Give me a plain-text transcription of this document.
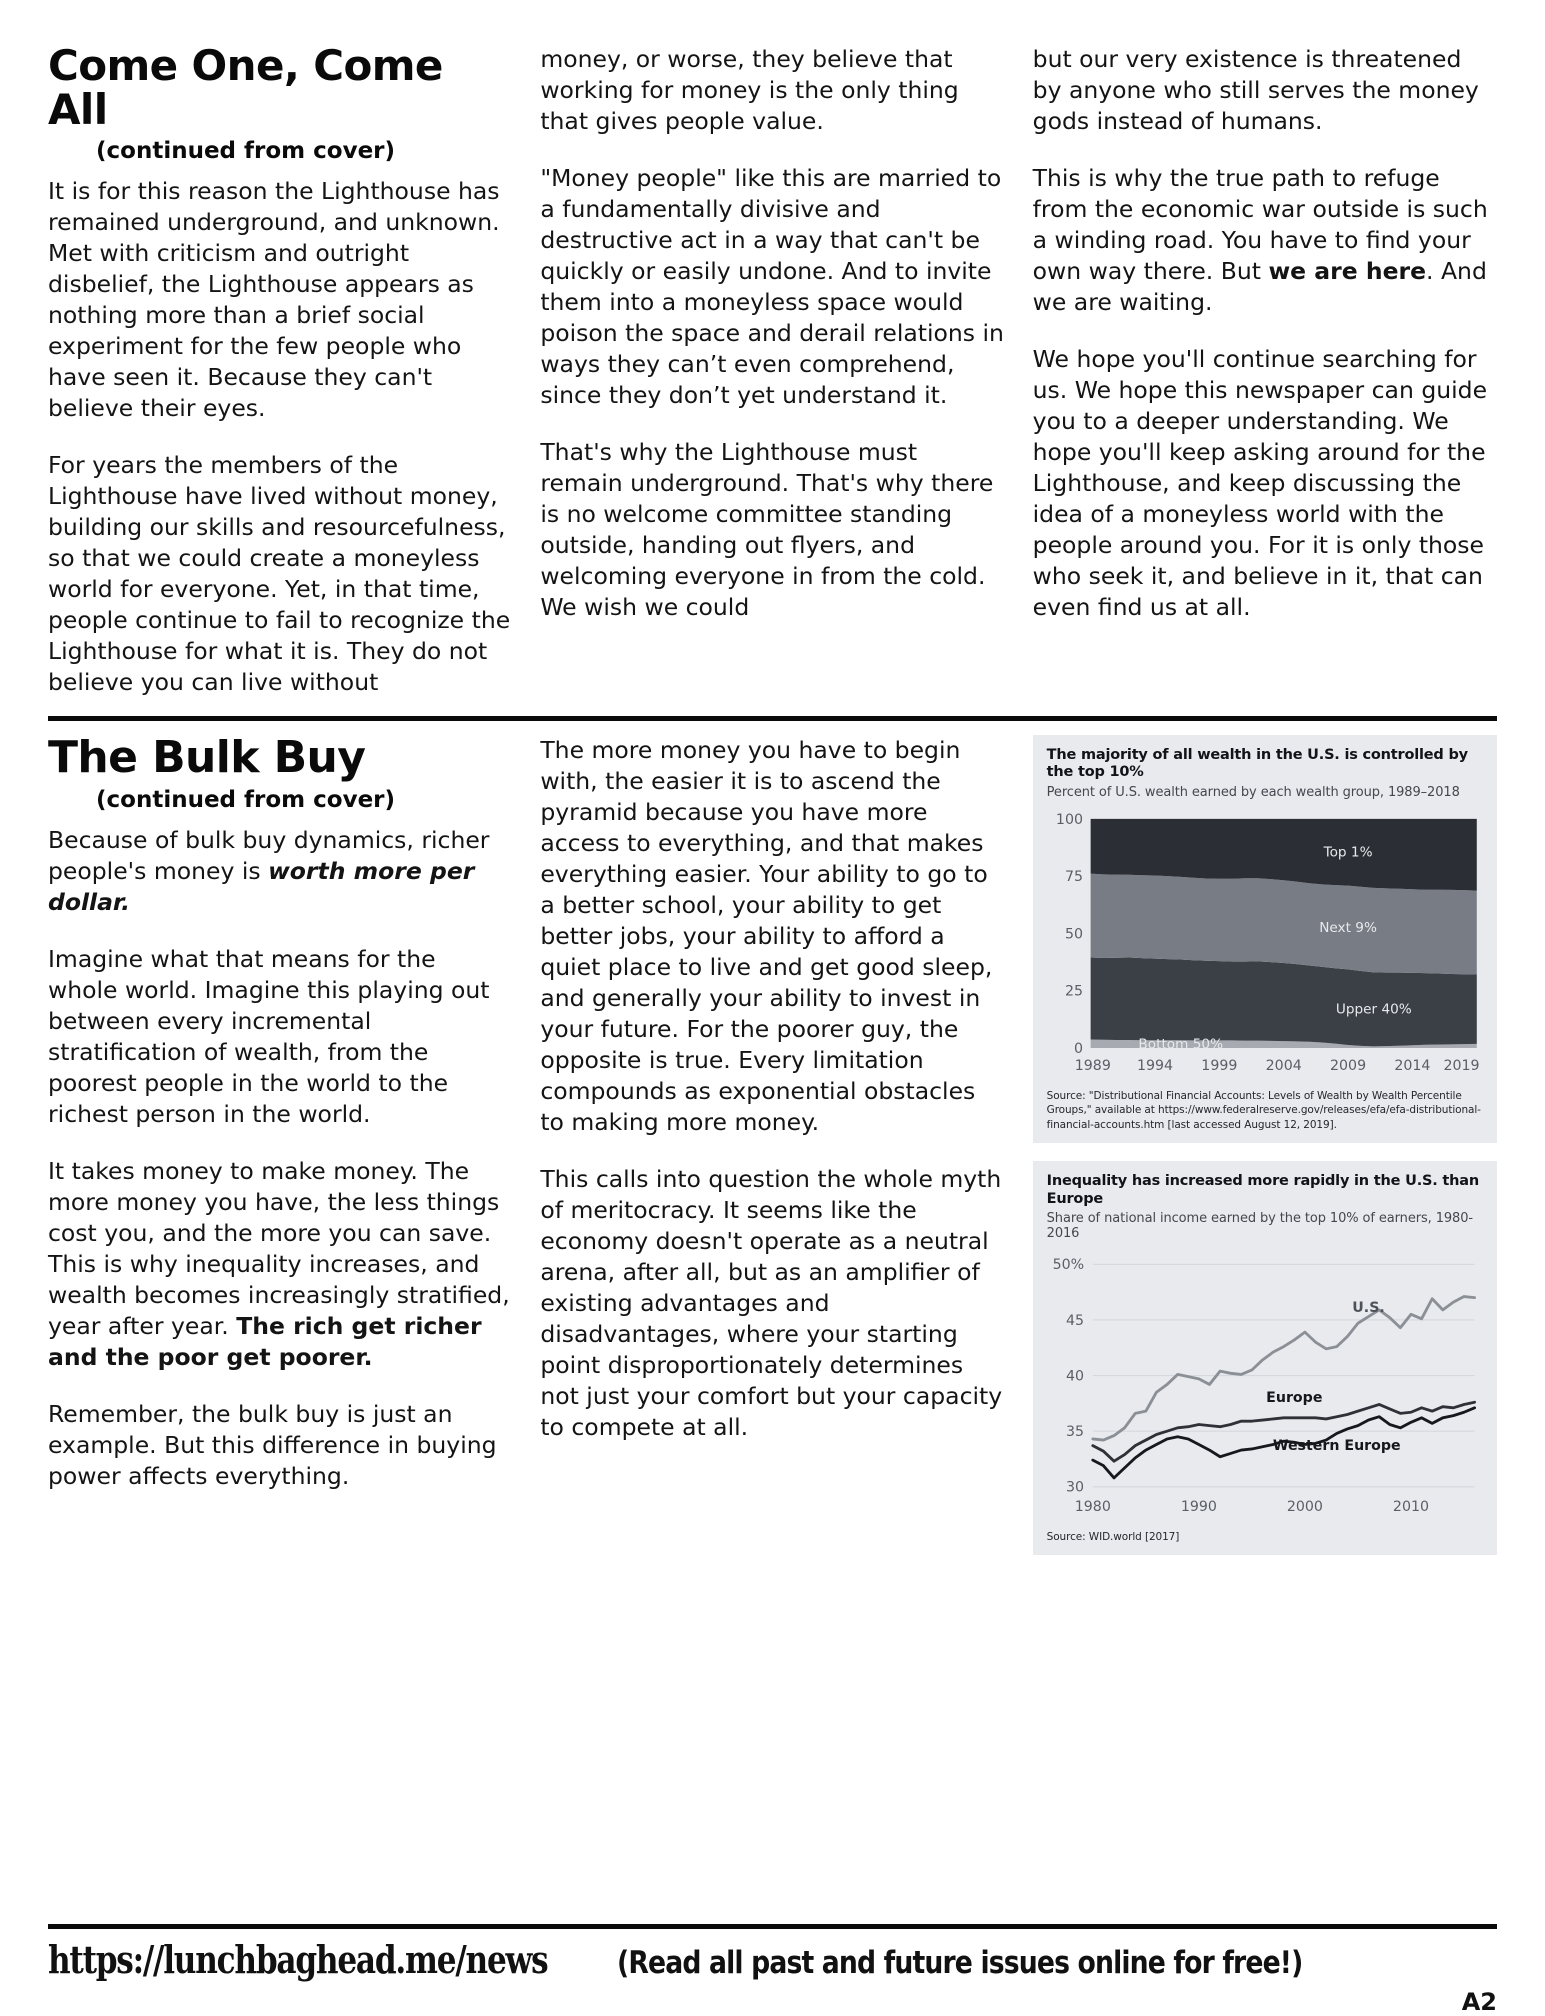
Come One, Come All
(continued from cover)

It is for this reason the Lighthouse has remained underground, and unknown. Met with criticism and outright disbelief, the Lighthouse appears as nothing more than a brief social experiment for the few people who have seen it. Because they can't believe their eyes.

For years the members of the Lighthouse have lived without money, building our skills and resourcefulness, so that we could create a moneyless world for everyone. Yet, in that time, people continue to fail to recognize the Lighthouse for what it is. They do not believe you can live without

money, or worse, they believe that working for money is the only thing that gives people value.

"Money people" like this are married to a fundamentally divisive and destructive act in a way that can't be quickly or easily undone. And to invite them into a moneyless space would poison the space and derail relations in ways they can’t even comprehend, since they don’t yet understand it.

That's why the Lighthouse must remain underground. That's why there is no welcome committee standing outside, handing out flyers, and welcoming everyone in from the cold. We wish we could

but our very existence is threatened by anyone who still serves the money gods instead of humans.

This is why the true path to refuge from the economic war outside is such a winding road. You have to find your own way there. But we are here. And we are waiting.

We hope you'll continue searching for us. We hope this newspaper can guide you to a deeper understanding. We hope you'll keep asking around for the Lighthouse, and keep discussing the idea of a moneyless world with the people around you. For it is only those who seek it, and believe in it, that can even find us at all.

The Bulk Buy
(continued from cover)

Because of bulk buy dynamics, richer people's money is worth more per dollar.

Imagine what that means for the whole world. Imagine this playing out between every incremental stratification of wealth, from the poorest people in the world to the richest person in the world.

It takes money to make money. The more money you have, the less things cost you, and the more you can save. This is why inequality increases, and wealth becomes increasingly stratified, year after year. The rich get richer and the poor get poorer.

Remember, the bulk buy is just an example. But this difference in buying power affects everything.

The more money you have to begin with, the easier it is to ascend the pyramid because you have more access to everything, and that makes everything easier. Your ability to go to a better school, your ability to get better jobs, your ability to afford a quiet place to live and get good sleep, and generally your ability to invest in your future. For the poorer guy, the opposite is true. Every limitation compounds as exponential obstacles to making more money.

This calls into question the whole myth of meritocracy. It seems like the economy doesn't operate as a neutral arena, after all, but as an amplifier of existing advantages and disadvantages, where your starting point disproportionately determines not just your comfort but your capacity to compete at all.

The majority of all wealth in the U.S. is controlled by the top 10%
Percent of U.S. wealth earned by each wealth group, 1989–2018
0
25
50
75
100
1989 1994 1999 2004 2009 2014 2019
Bottom 50%
Upper 40%
Next 9%
Top 1%
Source: "Distributional Financial Accounts: Levels of Wealth by Wealth Percentile Groups," available at https://www.federalreserve.gov/releases/efa/efa-distributional-financial-accounts.htm [last accessed August 12, 2019].
Inequality has increased more rapidly in the U.S. than Europe
Share of national income earned by the top 10% of earners, 1980-2016
30
35
40
45
50%
1980	1990	2000	2010
U.S.
Europe
Western Europe
Source: WID.world [2017]
https://lunchbaghead.me/news (Read all past and future issues online for free!)
A2
